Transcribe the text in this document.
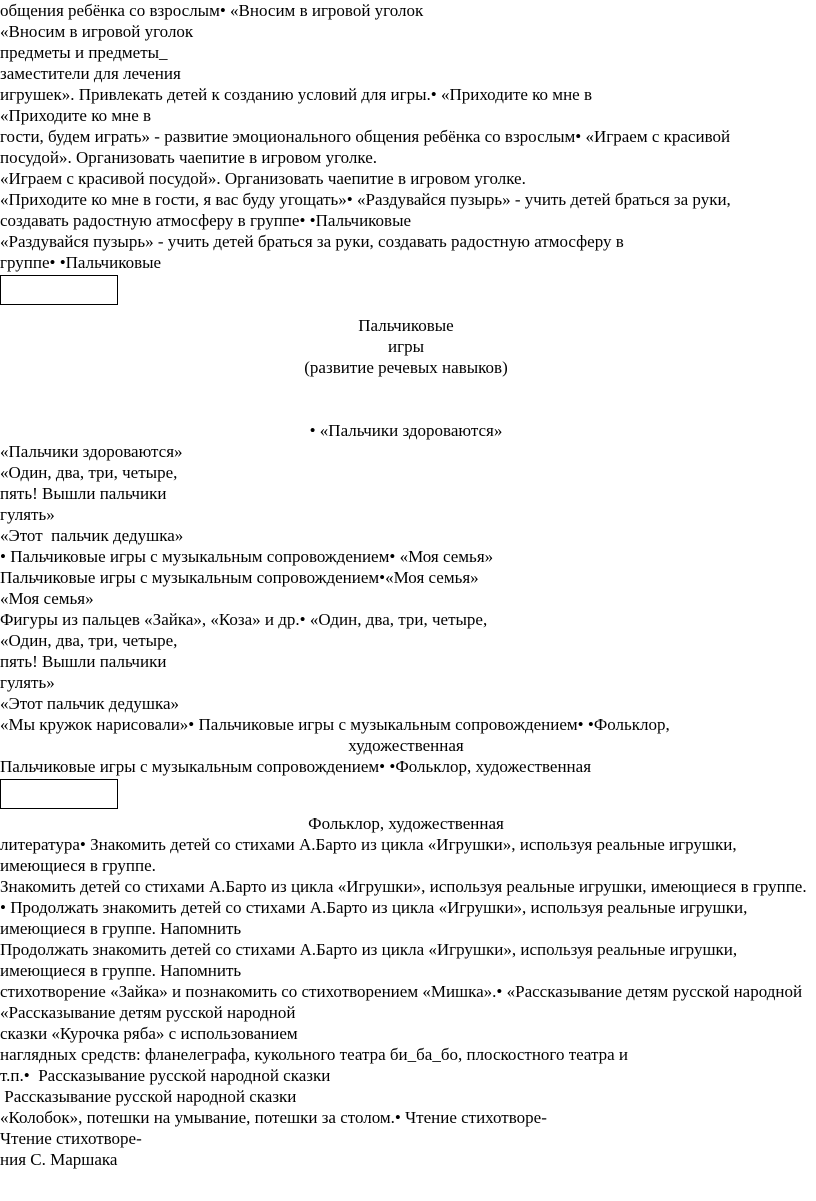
общения ребёнка со взрослым• «Вносим в игровой уголок
«Вносим в игровой уголок
предметы и предметы_
заместители для лечения
игрушек». Привлекать детей к созданию условий для игры.• «Приходите ко мне в
«Приходите ко мне в
гости, будем играть» - развитие эмоционального общения ребёнка со взрослым• «Играем с красивой
посудой». Организовать чаепитие в игровом уголке.
«Играем с красивой посудой». Организовать чаепитие в игровом уголке.
«Приходите ко мне в гости, я вас буду угощать»• «Раздувайся пузырь» - учить детей браться за руки,
создавать радостную атмосферу в группе• •Пальчиковые
«Раздувайся пузырь» - учить детей браться за руки, создавать радостную атмосферу в
группе• •Пальчиковые
Пальчиковые
игры
(развитие речевых навыков)
• «Пальчики здороваются»
«Пальчики здороваются»
«Один, два, три, четыре,
пять! Вышли пальчики
гулять»
«Этот  пальчик дедушка»
• Пальчиковые игры с музыкальным сопровождением• «Моя семья»
Пальчиковые игры с музыкальным сопровождением•«Моя семья»
«Моя семья»
Фигуры из пальцев «Зайка», «Коза» и др.• «Один, два, три, четыре,
«Один, два, три, четыре,
пять! Вышли пальчики
гулять»
«Этот пальчик дедушка»
«Мы кружок нарисовали»• Пальчиковые игры с музыкальным сопровождением• •Фольклор,
художественная
Пальчиковые игры с музыкальным сопровождением• •Фольклор, художественная
Фольклор, художественная
литература• Знакомить детей со стихами А.Барто из цикла «Игрушки», используя реальные игрушки, имеющиеся в группе.
Знакомить детей со стихами А.Барто из цикла «Игрушки», используя реальные игрушки, имеющиеся в группе.
• Продолжать знакомить детей со стихами А.Барто из цикла «Игрушки», используя реальные игрушки, имеющиеся в группе. Напомнить
Продолжать знакомить детей со стихами А.Барто из цикла «Игрушки», используя реальные игрушки, имеющиеся в группе. Напомнить
стихотворение «Зайка» и познакомить со стихотворением «Мишка».• «Рассказывание детям русской народной
«Рассказывание детям русской народной
сказки «Курочка ряба» с использованием
наглядных средств: фланелеграфа, кукольного театра би_ба_бо, плоскостного театра и
т.п.•  Рассказывание русской народной сказки
Рассказывание русской народной сказки
«Колобок», потешки на умывание, потешки за столом.• Чтение стихотворе-
Чтение стихотворе-
ния С. Маршака
